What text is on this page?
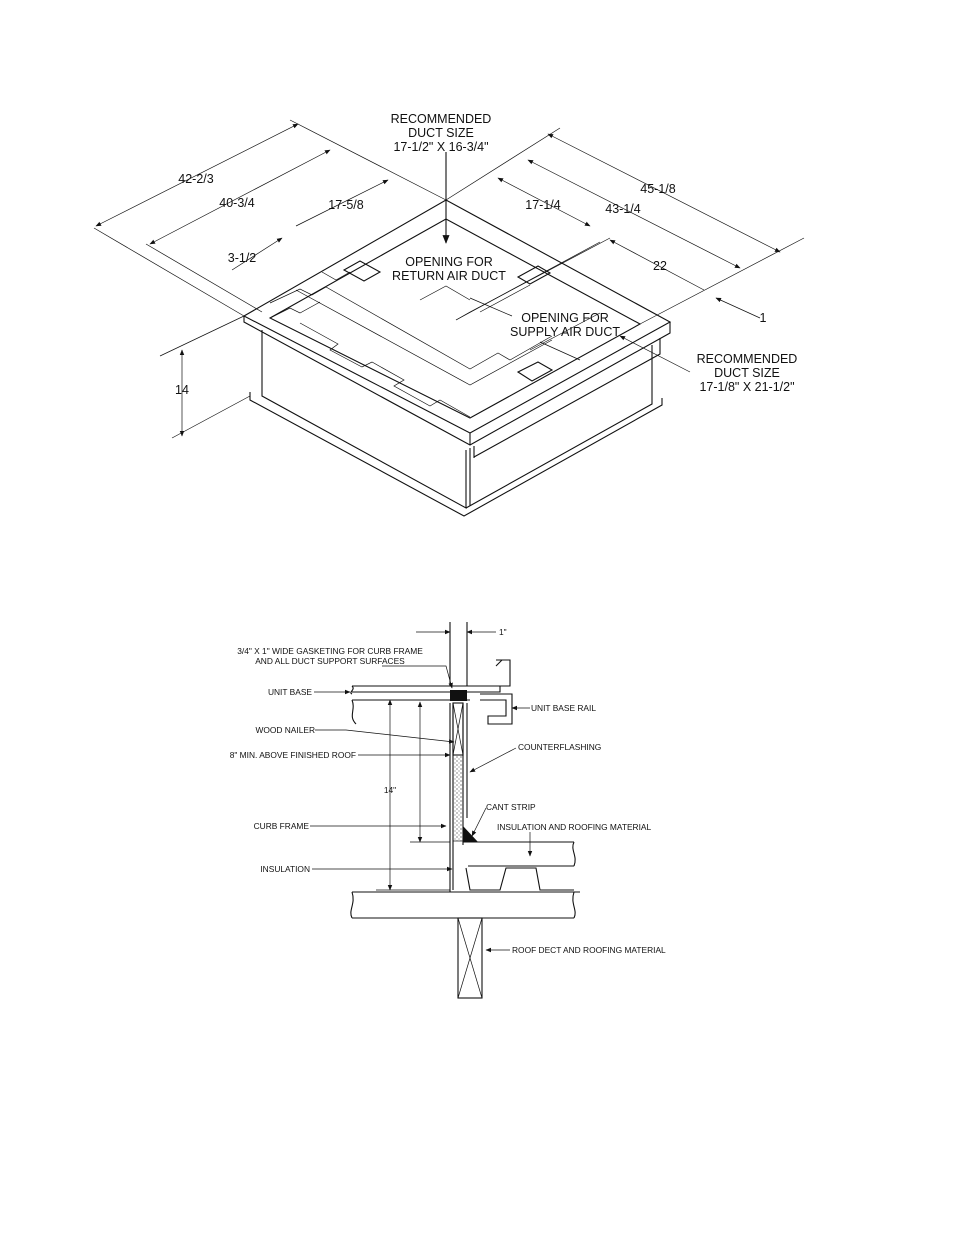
RECOMMENDED
DUCT SIZE
17-1/2" X 16-3/4"
42-2/3
40-3/4	17-5/8
3-1/2
14
17-1/4	43-1/4
45-1/8
22
1
OPENING FOR
RETURN AIR DUCT
OPENING FOR
SUPPLY AIR DUCT
RECOMMENDED
DUCT SIZE
17-1/8" X 21-1/2"
3/4" X 1" WIDE GASKETING FOR CURB FRAME
AND ALL DUCT SUPPORT SURFACES
1"
UNIT BASE
UNIT BASE RAIL
WOOD NAILER
8" MIN. ABOVE FINISHED ROOF
COUNTERFLASHING
14"
CANT STRIP
CURB FRAME	INSULATION AND ROOFING MATERIAL
INSULATION
ROOF DECT AND ROOFING MATERIAL
